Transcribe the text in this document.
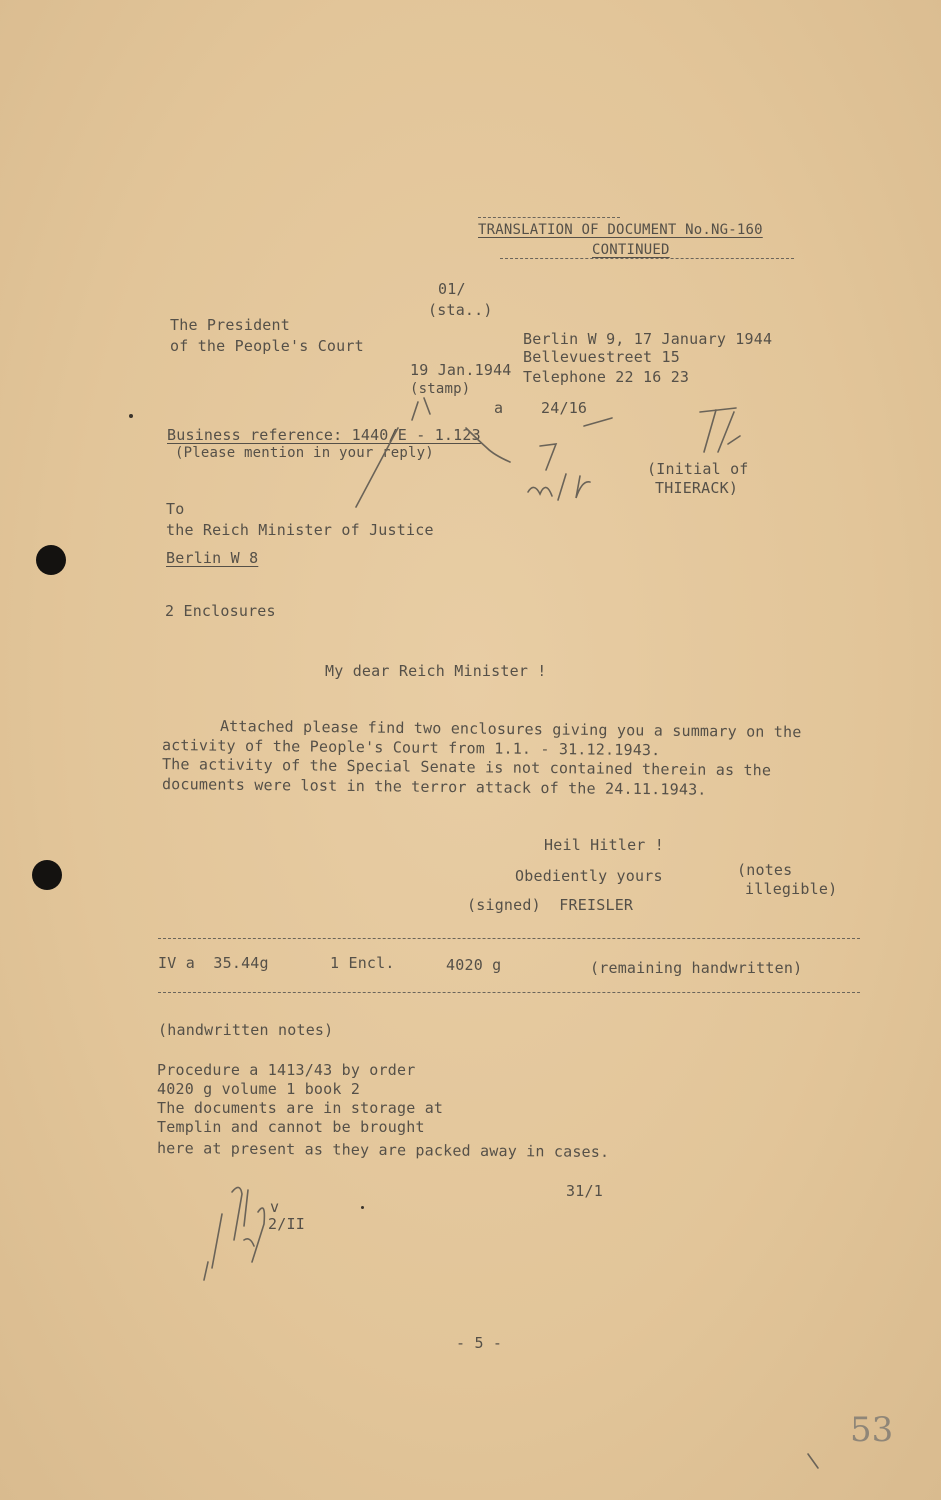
TRANSLATION OF DOCUMENT No.NG-160
CONTINUED
01/
(sta..)
The President
of the People's Court	Berlin W 9, 17 January 1944
Bellevuestreet 15
Telephone 22 16 23
19 Jan.1944
(stamp)
a	24/16
Business reference: 1440/E - 1.123
(Please mention in your reply)
(Initial of
THIERACK)
To
the Reich Minister of Justice
Berlin W 8
2 Enclosures
My dear Reich Minister !
Attached please find two enclosures giving you a summary on the
activity of the People's Court from 1.1. - 31.12.1943.
The activity of the Special Senate is not contained therein as the
documents were lost in the terror attack of the 24.11.1943.
Heil Hitler !
Obediently yours
(signed)  FREISLER
(notes
illegible)
IV a  35.44g	1 Encl.	4020 g	(remaining handwritten)
(handwritten notes)
Procedure a 1413/43 by order
4020 g volume 1 book 2
The documents are in storage at
Templin and cannot be brought
here at present as they are packed away in cases.
v
2/II
31/1
- 5 -
53
